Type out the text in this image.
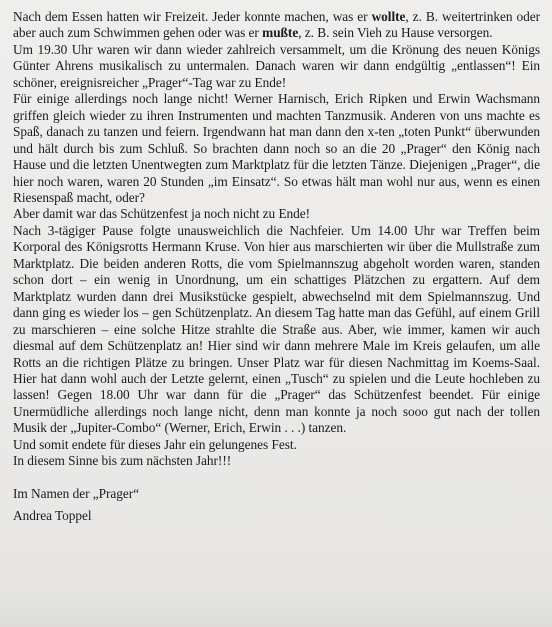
Nach dem Essen hatten wir Freizeit. Jeder konnte machen, was er wollte, z. B. weitertrinken oder aber auch zum Schwimmen gehen oder was er mußte, z. B. sein Vieh zu Hause versorgen.

Um 19.30 Uhr waren wir dann wieder zahlreich versammelt, um die Krönung des neuen Königs Günter Ahrens musikalisch zu untermalen. Danach waren wir dann endgültig „entlassen“! Ein schöner, ereignisreicher „Prager“-Tag war zu Ende!

Für einige allerdings noch lange nicht! Werner Harnisch, Erich Ripken und Erwin Wachsmann griffen gleich wieder zu ihren Instrumenten und machten Tanzmusik. Anderen von uns machte es Spaß, danach zu tanzen und feiern. Irgendwann hat man dann den x-ten „toten Punkt“ überwunden und hält durch bis zum Schluß. So brachten dann noch so an die 20 „Prager“ den König nach Hause und die letzten Unentwegten zum Marktplatz für die letzten Tänze. Diejenigen „Prager“, die hier noch waren, waren 20 Stunden „im Einsatz“. So etwas hält man wohl nur aus, wenn es einen Riesenspaß macht, oder?

Aber damit war das Schützenfest ja noch nicht zu Ende!

Nach 3-tägiger Pause folgte unausweichlich die Nachfeier. Um 14.00 Uhr war Treffen beim Korporal des Königsrotts Hermann Kruse. Von hier aus marschierten wir über die Mullstraße zum Marktplatz. Die beiden anderen Rotts, die vom Spielmannszug abgeholt worden waren, standen schon dort – ein wenig in Unordnung, um ein schattiges Plätzchen zu ergattern. Auf dem Marktplatz wurden dann drei Musikstücke gespielt, abwechselnd mit dem Spielmannszug. Und dann ging es wieder los – gen Schützenplatz. An diesem Tag hatte man das Gefühl, auf einem Grill zu marschieren – eine solche Hitze strahlte die Straße aus. Aber, wie immer, kamen wir auch diesmal auf dem Schützenplatz an! Hier sind wir dann mehrere Male im Kreis gelaufen, um alle Rotts an die richtigen Plätze zu bringen. Unser Platz war für diesen Nachmittag im Koems-Saal. Hier hat dann wohl auch der Letzte gelernt, einen „Tusch“ zu spielen und die Leute hochleben zu lassen! Gegen 18.00 Uhr war dann für die „Prager“ das Schützenfest beendet. Für einige Unermüdliche allerdings noch lange nicht, denn man konnte ja noch sooo gut nach der tollen Musik der „Jupiter-Combo“ (Werner, Erich, Erwin . . .) tanzen.

Und somit endete für dieses Jahr ein gelungenes Fest.

In diesem Sinne bis zum nächsten Jahr!!!

Im Namen der „Prager“

Andrea Toppel
